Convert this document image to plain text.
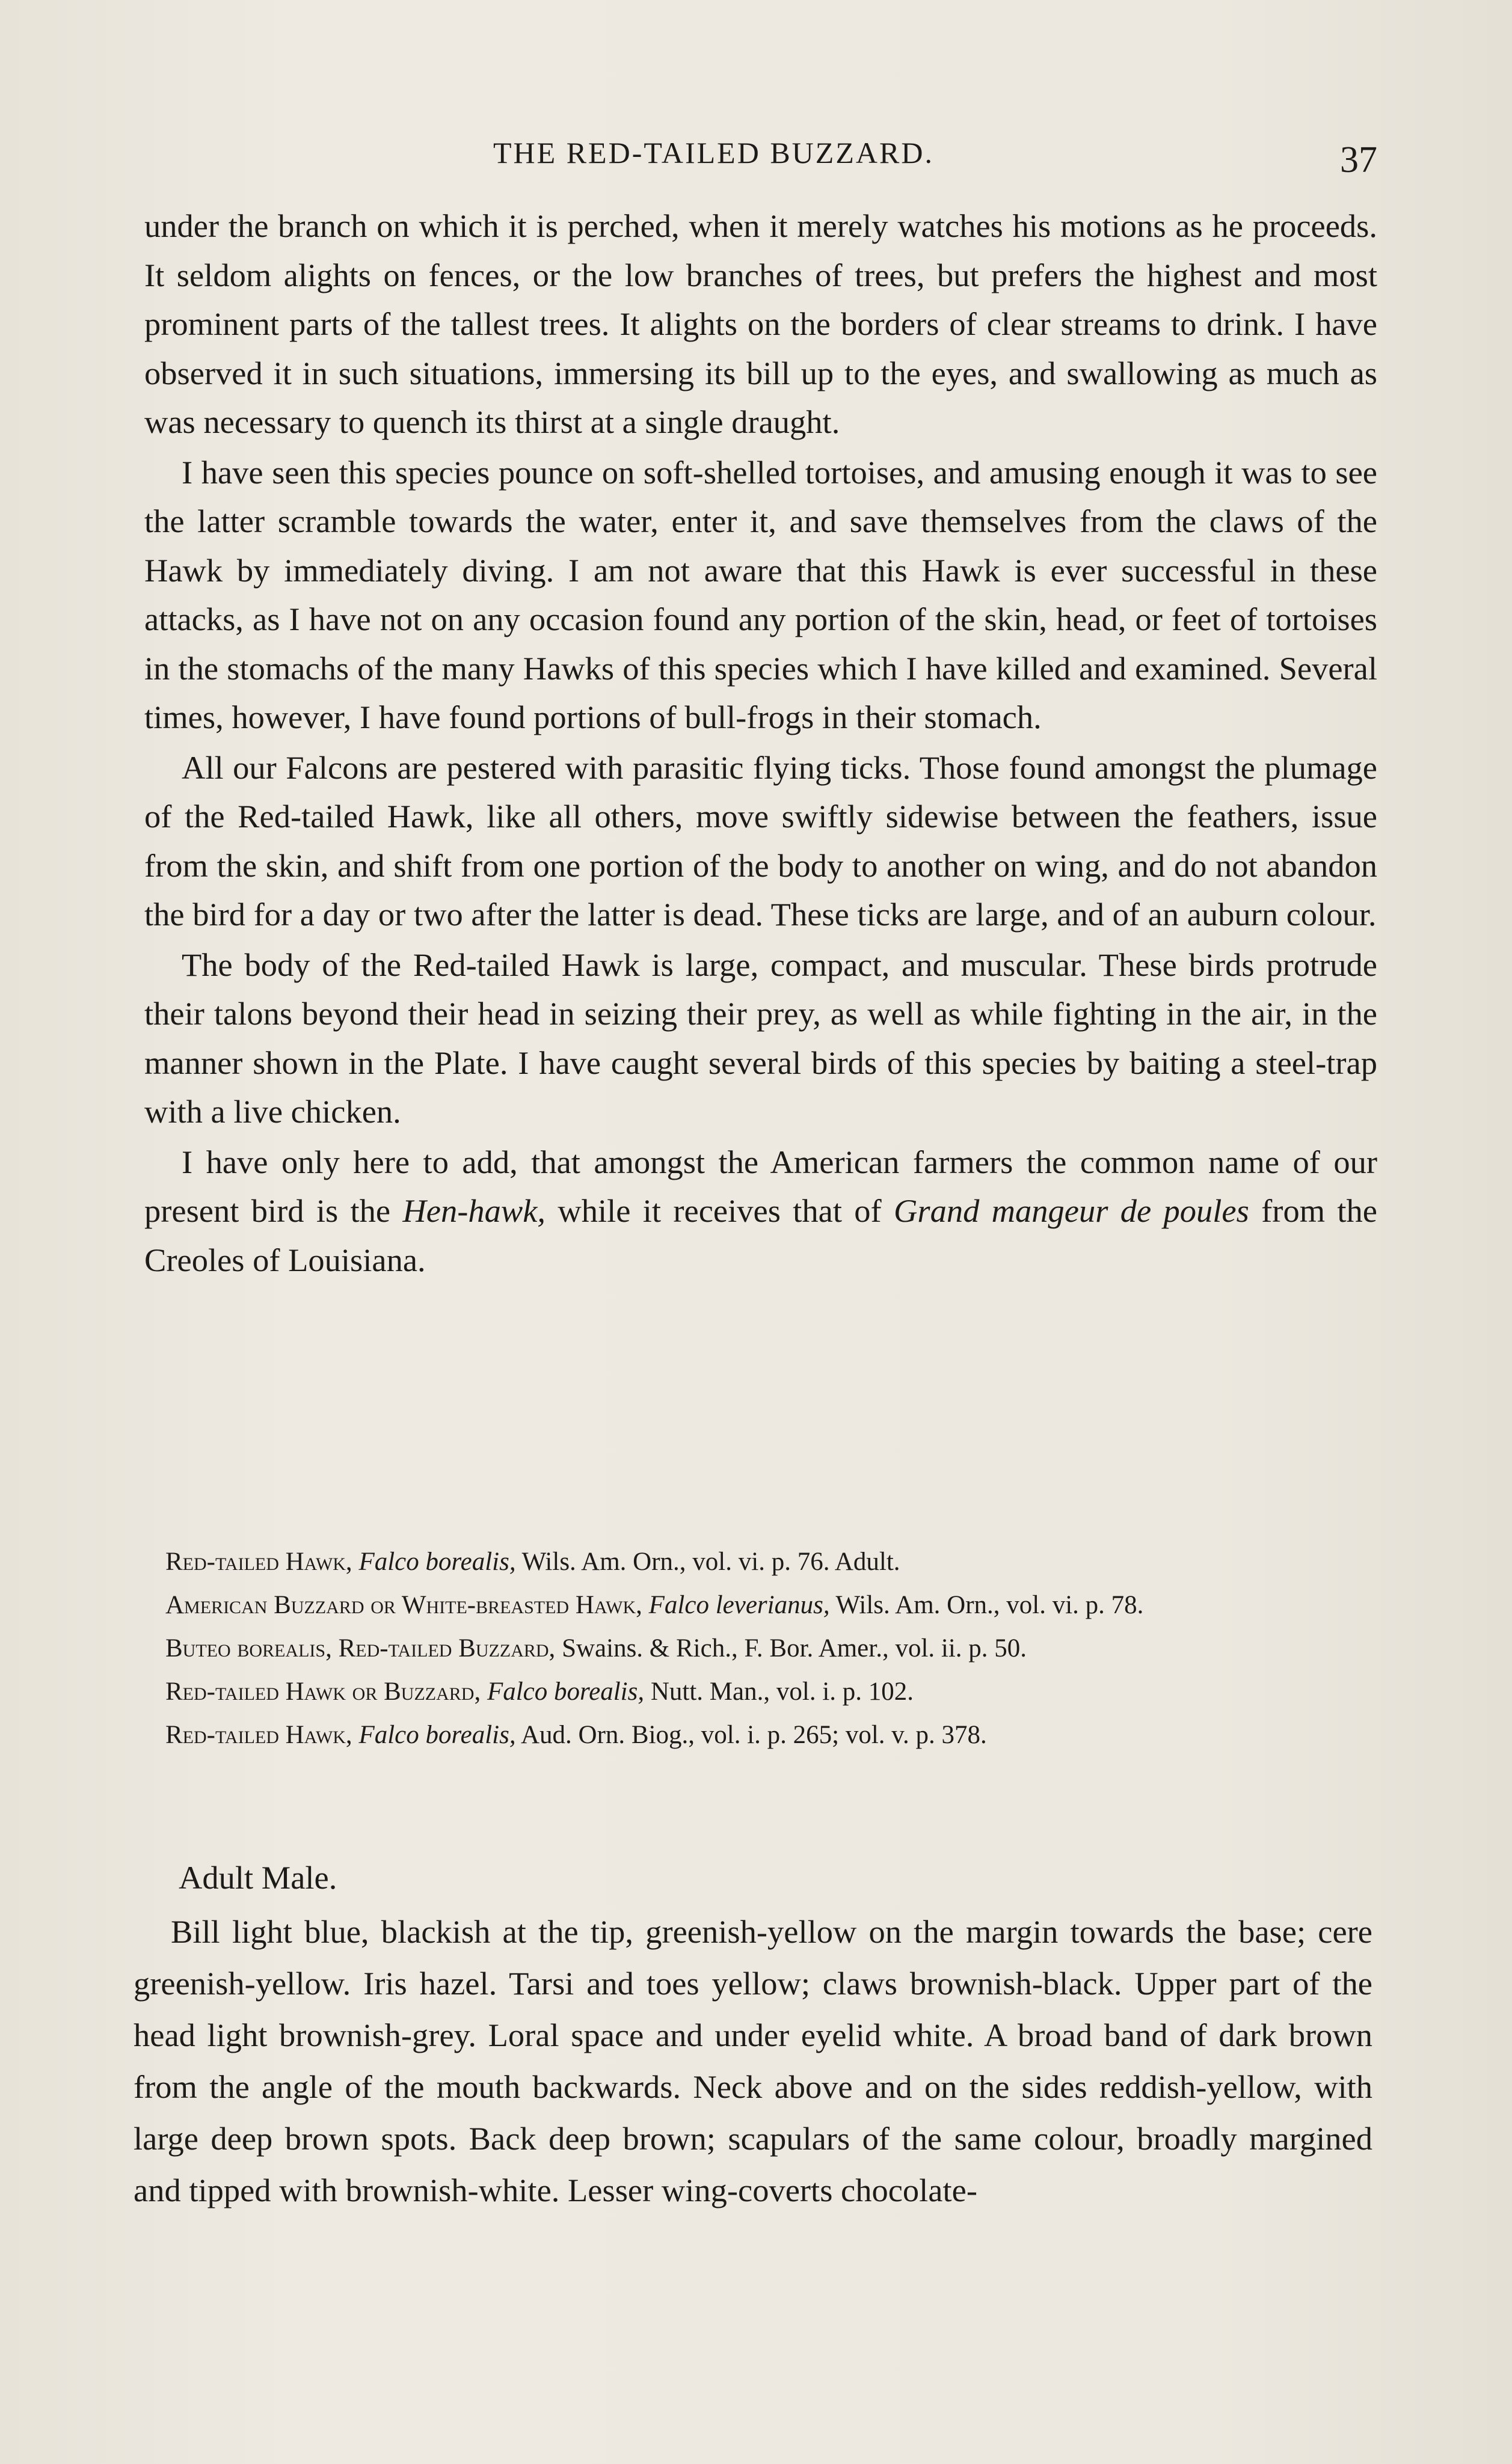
THE RED-TAILED BUZZARD.	37

under the branch on which it is perched, when it merely watches his motions as he proceeds. It seldom alights on fences, or the low branches of trees, but prefers the highest and most prominent parts of the tallest trees. It alights on the borders of clear streams to drink. I have observed it in such situations, immersing its bill up to the eyes, and swallowing as much as was necessary to quench its thirst at a single draught.

I have seen this species pounce on soft-shelled tortoises, and amusing enough it was to see the latter scramble towards the water, enter it, and save themselves from the claws of the Hawk by immediately diving. I am not aware that this Hawk is ever successful in these attacks, as I have not on any occasion found any portion of the skin, head, or feet of tortoises in the stomachs of the many Hawks of this species which I have killed and examined. Several times, however, I have found portions of bull-frogs in their stomach.

All our Falcons are pestered with parasitic flying ticks. Those found amongst the plumage of the Red-tailed Hawk, like all others, move swiftly sidewise between the feathers, issue from the skin, and shift from one portion of the body to another on wing, and do not abandon the bird for a day or two after the latter is dead. These ticks are large, and of an auburn colour.

The body of the Red-tailed Hawk is large, compact, and muscular. These birds protrude their talons beyond their head in seizing their prey, as well as while fighting in the air, in the manner shown in the Plate. I have caught several birds of this species by baiting a steel-trap with a live chicken.

I have only here to add, that amongst the American farmers the common name of our present bird is the Hen-hawk, while it receives that of Grand mangeur de poules from the Creoles of Louisiana.

Red-tailed Hawk, Falco borealis, Wils. Am. Orn., vol. vi. p. 76. Adult.
American Buzzard or White-breasted Hawk, Falco leverianus, Wils. Am. Orn., vol. vi. p. 78.
Buteo borealis, Red-tailed Buzzard, Swains. & Rich., F. Bor. Amer., vol. ii. p. 50.
Red-tailed Hawk or Buzzard, Falco borealis, Nutt. Man., vol. i. p. 102.
Red-tailed Hawk, Falco borealis, Aud. Orn. Biog., vol. i. p. 265; vol. v. p. 378.
Adult Male.

Bill light blue, blackish at the tip, greenish-yellow on the margin towards the base; cere greenish-yellow. Iris hazel. Tarsi and toes yellow; claws brownish-black. Upper part of the head light brownish-grey. Loral space and under eyelid white. A broad band of dark brown from the angle of the mouth backwards. Neck above and on the sides reddish-yellow, with large deep brown spots. Back deep brown; scapulars of the same colour, broadly margined and tipped with brownish-white. Lesser wing-coverts chocolate-
